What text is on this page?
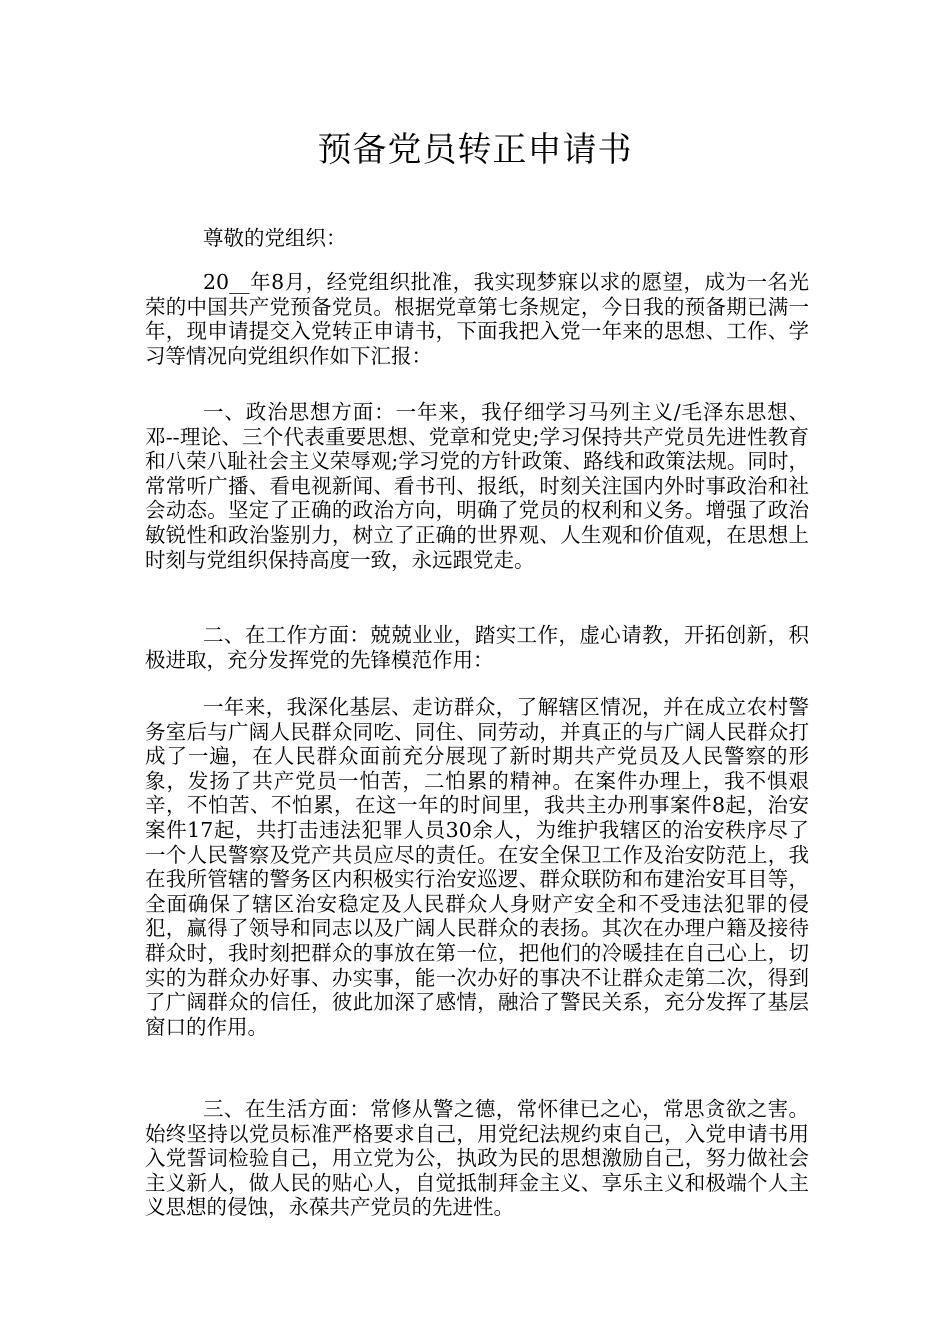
预备党员转正申请书

尊敬的党组织：

20__年8月，经党组织批准，我实现梦寐以求的愿望，成为一名光荣的中国共产党预备党员。根据党章第七条规定，今日我的预备期已满一年，现申请提交入党转正申请书，下面我把入党一年来的思想、工作、学习等情况向党组织作如下汇报：

一、政治思想方面：一年来，我仔细学习马列主义/毛泽东思想、邓--理论、三个代表重要思想、党章和党史;学习保持共产党员先进性教育和八荣八耻社会主义荣辱观;学习党的方针政策、路线和政策法规。同时，常常听广播、看电视新闻、看书刊、报纸，时刻关注国内外时事政治和社会动态。坚定了正确的政治方向，明确了党员的权利和义务。增强了政治敏锐性和政治鉴别力，树立了正确的世界观、人生观和价值观，在思想上时刻与党组织保持高度一致，永远跟党走。

二、在工作方面：兢兢业业，踏实工作，虚心请教，开拓创新，积极进取，充分发挥党的先锋模范作用：

一年来，我深化基层、走访群众，了解辖区情况，并在成立农村警务室后与广阔人民群众同吃、同住、同劳动，并真正的与广阔人民群众打成了一遍，在人民群众面前充分展现了新时期共产党员及人民警察的形象，发扬了共产党员一怕苦，二怕累的精神。在案件办理上，我不惧艰辛，不怕苦、不怕累，在这一年的时间里，我共主办刑事案件8起，治安案件17起，共打击违法犯罪人员30余人，为维护我辖区的治安秩序尽了一个人民警察及党产共员应尽的责任。在安全保卫工作及治安防范上，我在我所管辖的警务区内积极实行治安巡逻、群众联防和布建治安耳目等，全面确保了辖区治安稳定及人民群众人身财产安全和不受违法犯罪的侵犯，赢得了领导和同志以及广阔人民群众的表扬。其次在办理户籍及接待群众时，我时刻把群众的事放在第一位，把他们的冷暖挂在自己心上，切实的为群众办好事、办实事，能一次办好的事决不让群众走第二次，得到了广阔群众的信任，彼此加深了感情，融洽了警民关系，充分发挥了基层窗口的作用。

三、在生活方面：常修从警之德，常怀律已之心，常思贪欲之害。始终坚持以党员标准严格要求自己，用党纪法规约束自己，入党申请书用入党誓词检验自己，用立党为公，执政为民的思想激励自己，努力做社会主义新人，做人民的贴心人，自觉抵制拜金主义、享乐主义和极端个人主义思想的侵蚀，永葆共产党员的先进性。
